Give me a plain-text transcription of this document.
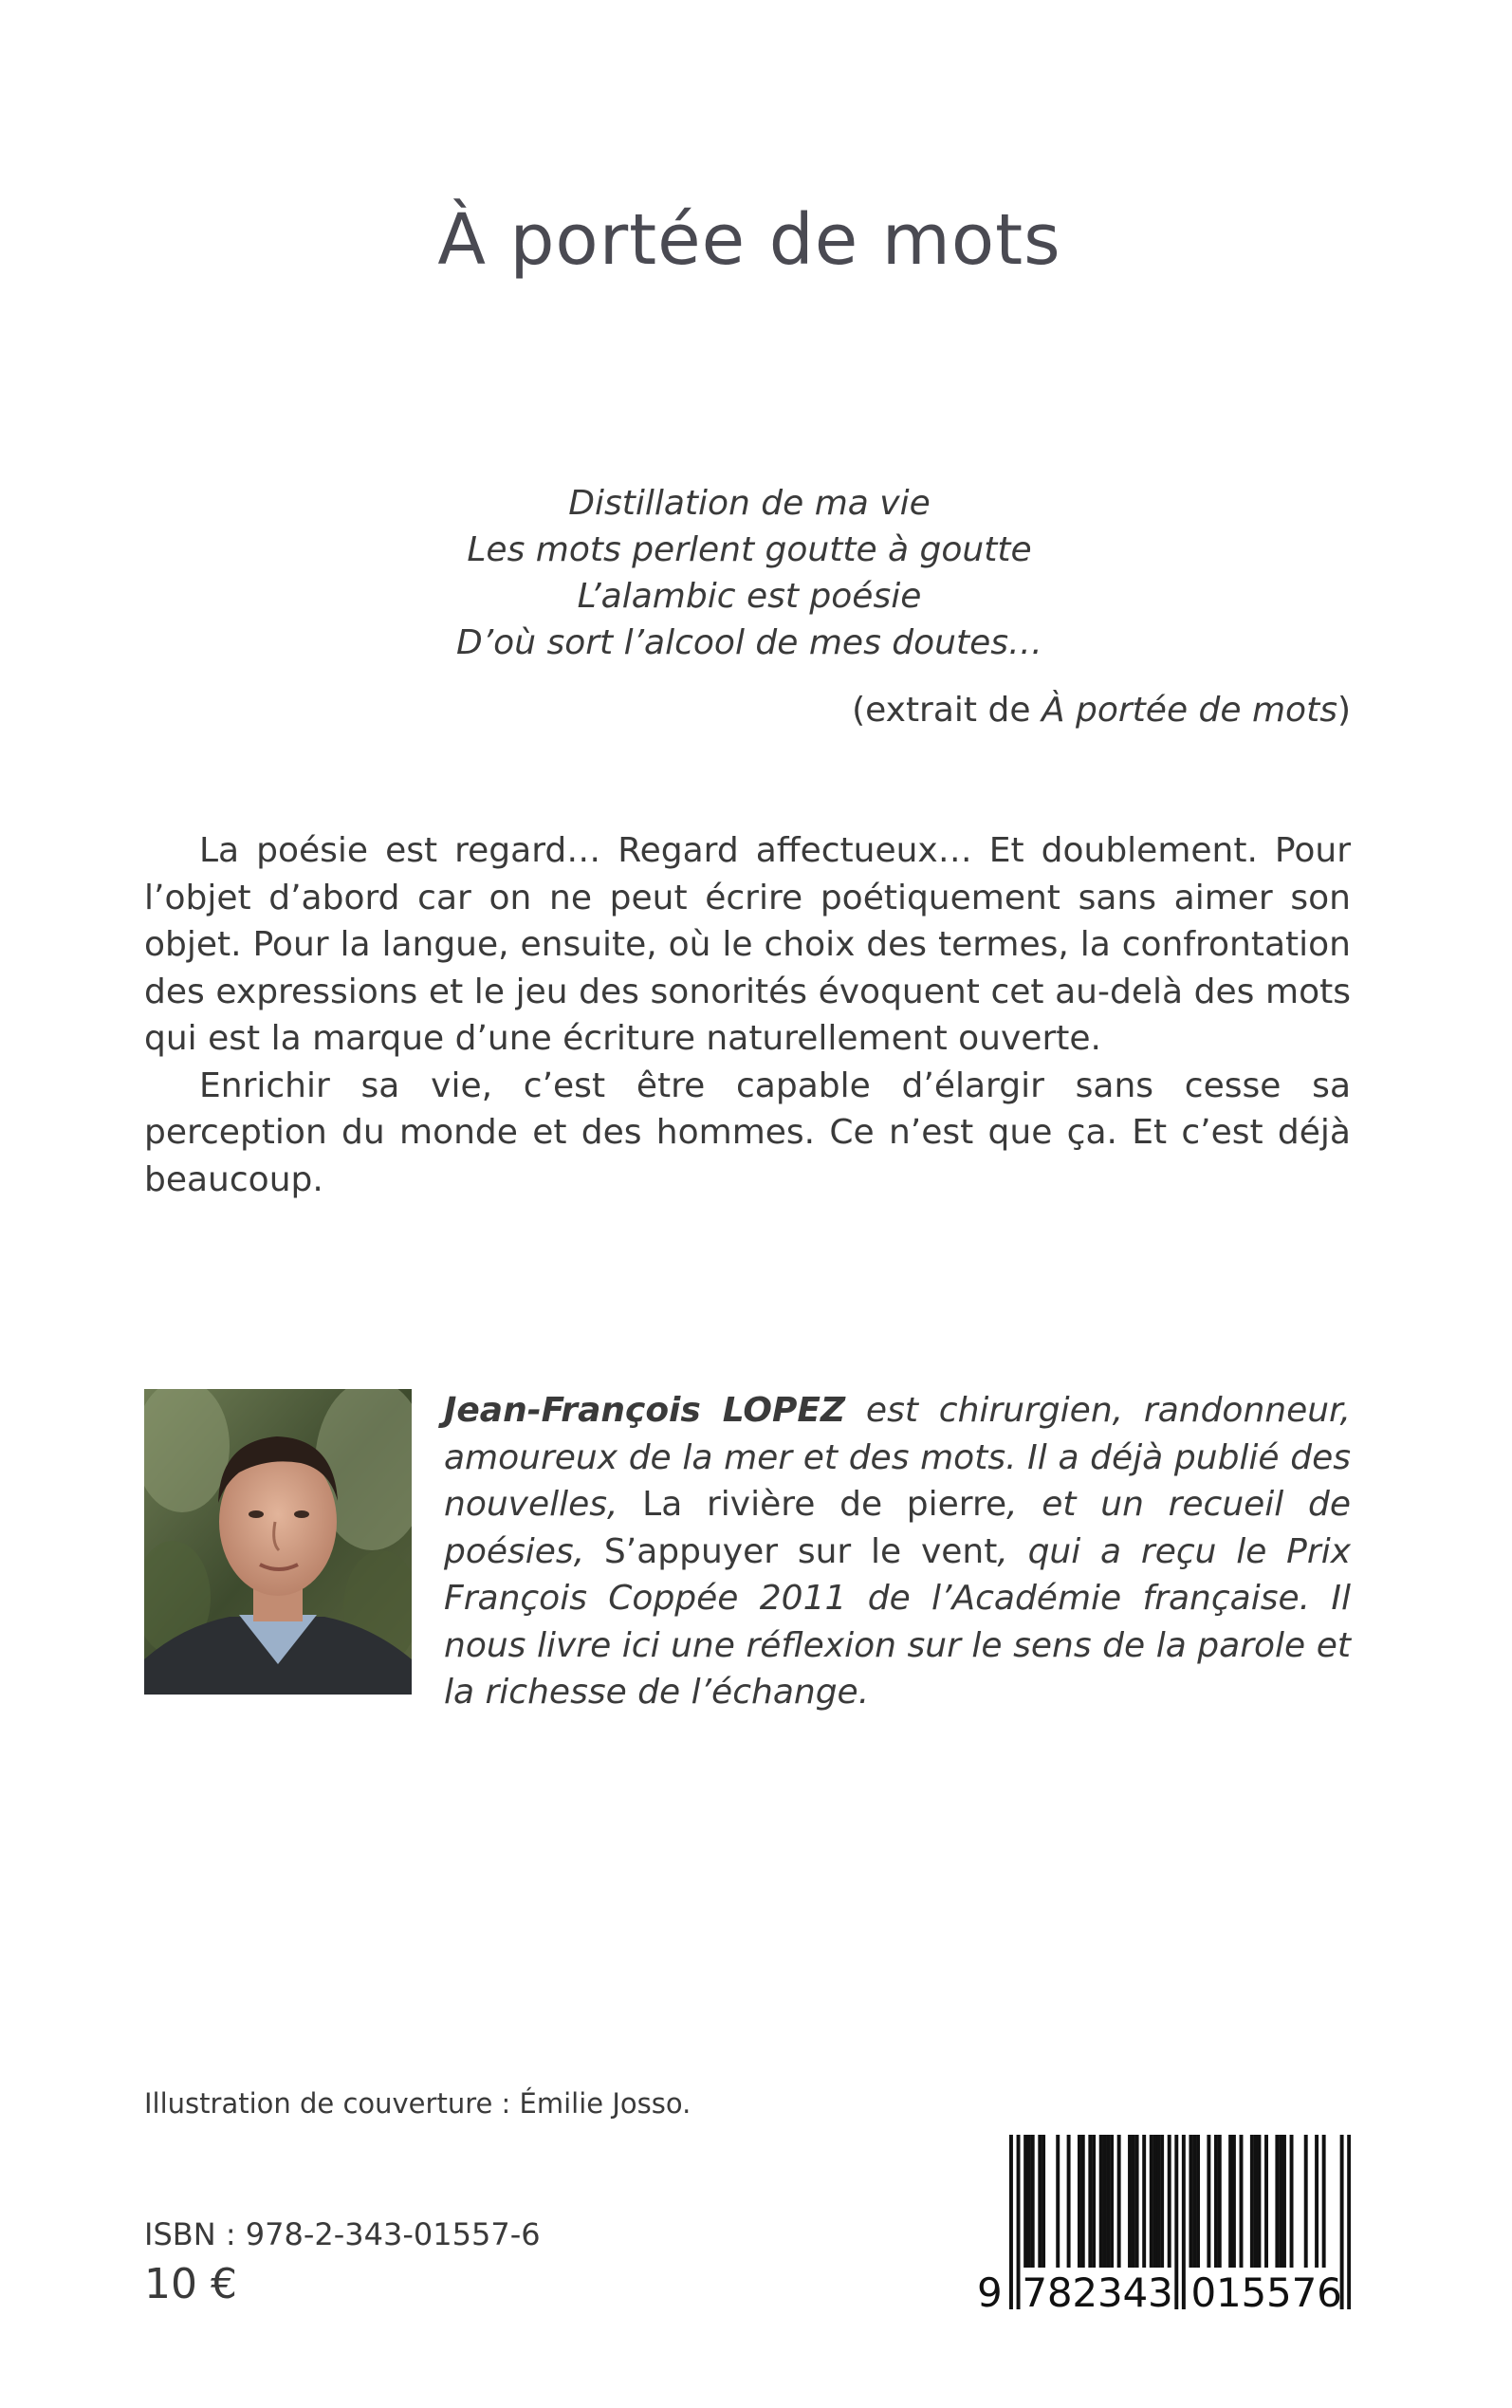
À portée de mots
Distillation de ma vie
Les mots perlent goutte à goutte
L’alambic est poésie
D’où sort l’alcool de mes doutes…
(extrait de À portée de mots)

La poésie est regard… Regard affectueux… Et doublement. Pour l’objet d’abord car on ne peut écrire poétiquement sans aimer son objet. Pour la langue, ensuite, où le choix des termes, la confrontation des expressions et le jeu des sonorités évoquent cet au-delà des mots qui est la marque d’une écriture naturellement ouverte.

Enrichir sa vie, c’est être capable d’élargir sans cesse sa perception du monde et des hommes. Ce n’est que ça. Et c’est déjà beaucoup.

Jean-François LOPEZ est chirurgien, randonneur, amoureux de la mer et des mots. Il a déjà publié des nouvelles, La rivière de pierre, et un recueil de poésies, S’appuyer sur le vent, qui a reçu le Prix François Coppée 2011 de l’Académie française. Il nous livre ici une réflexion sur le sens de la parole et la richesse de l’échange.
Illustration de couverture : Émilie Josso.
ISBN : 978-2-343-01557-6
10 €	9 7
8
2
3
4
3 0
1
5
5
7
6
